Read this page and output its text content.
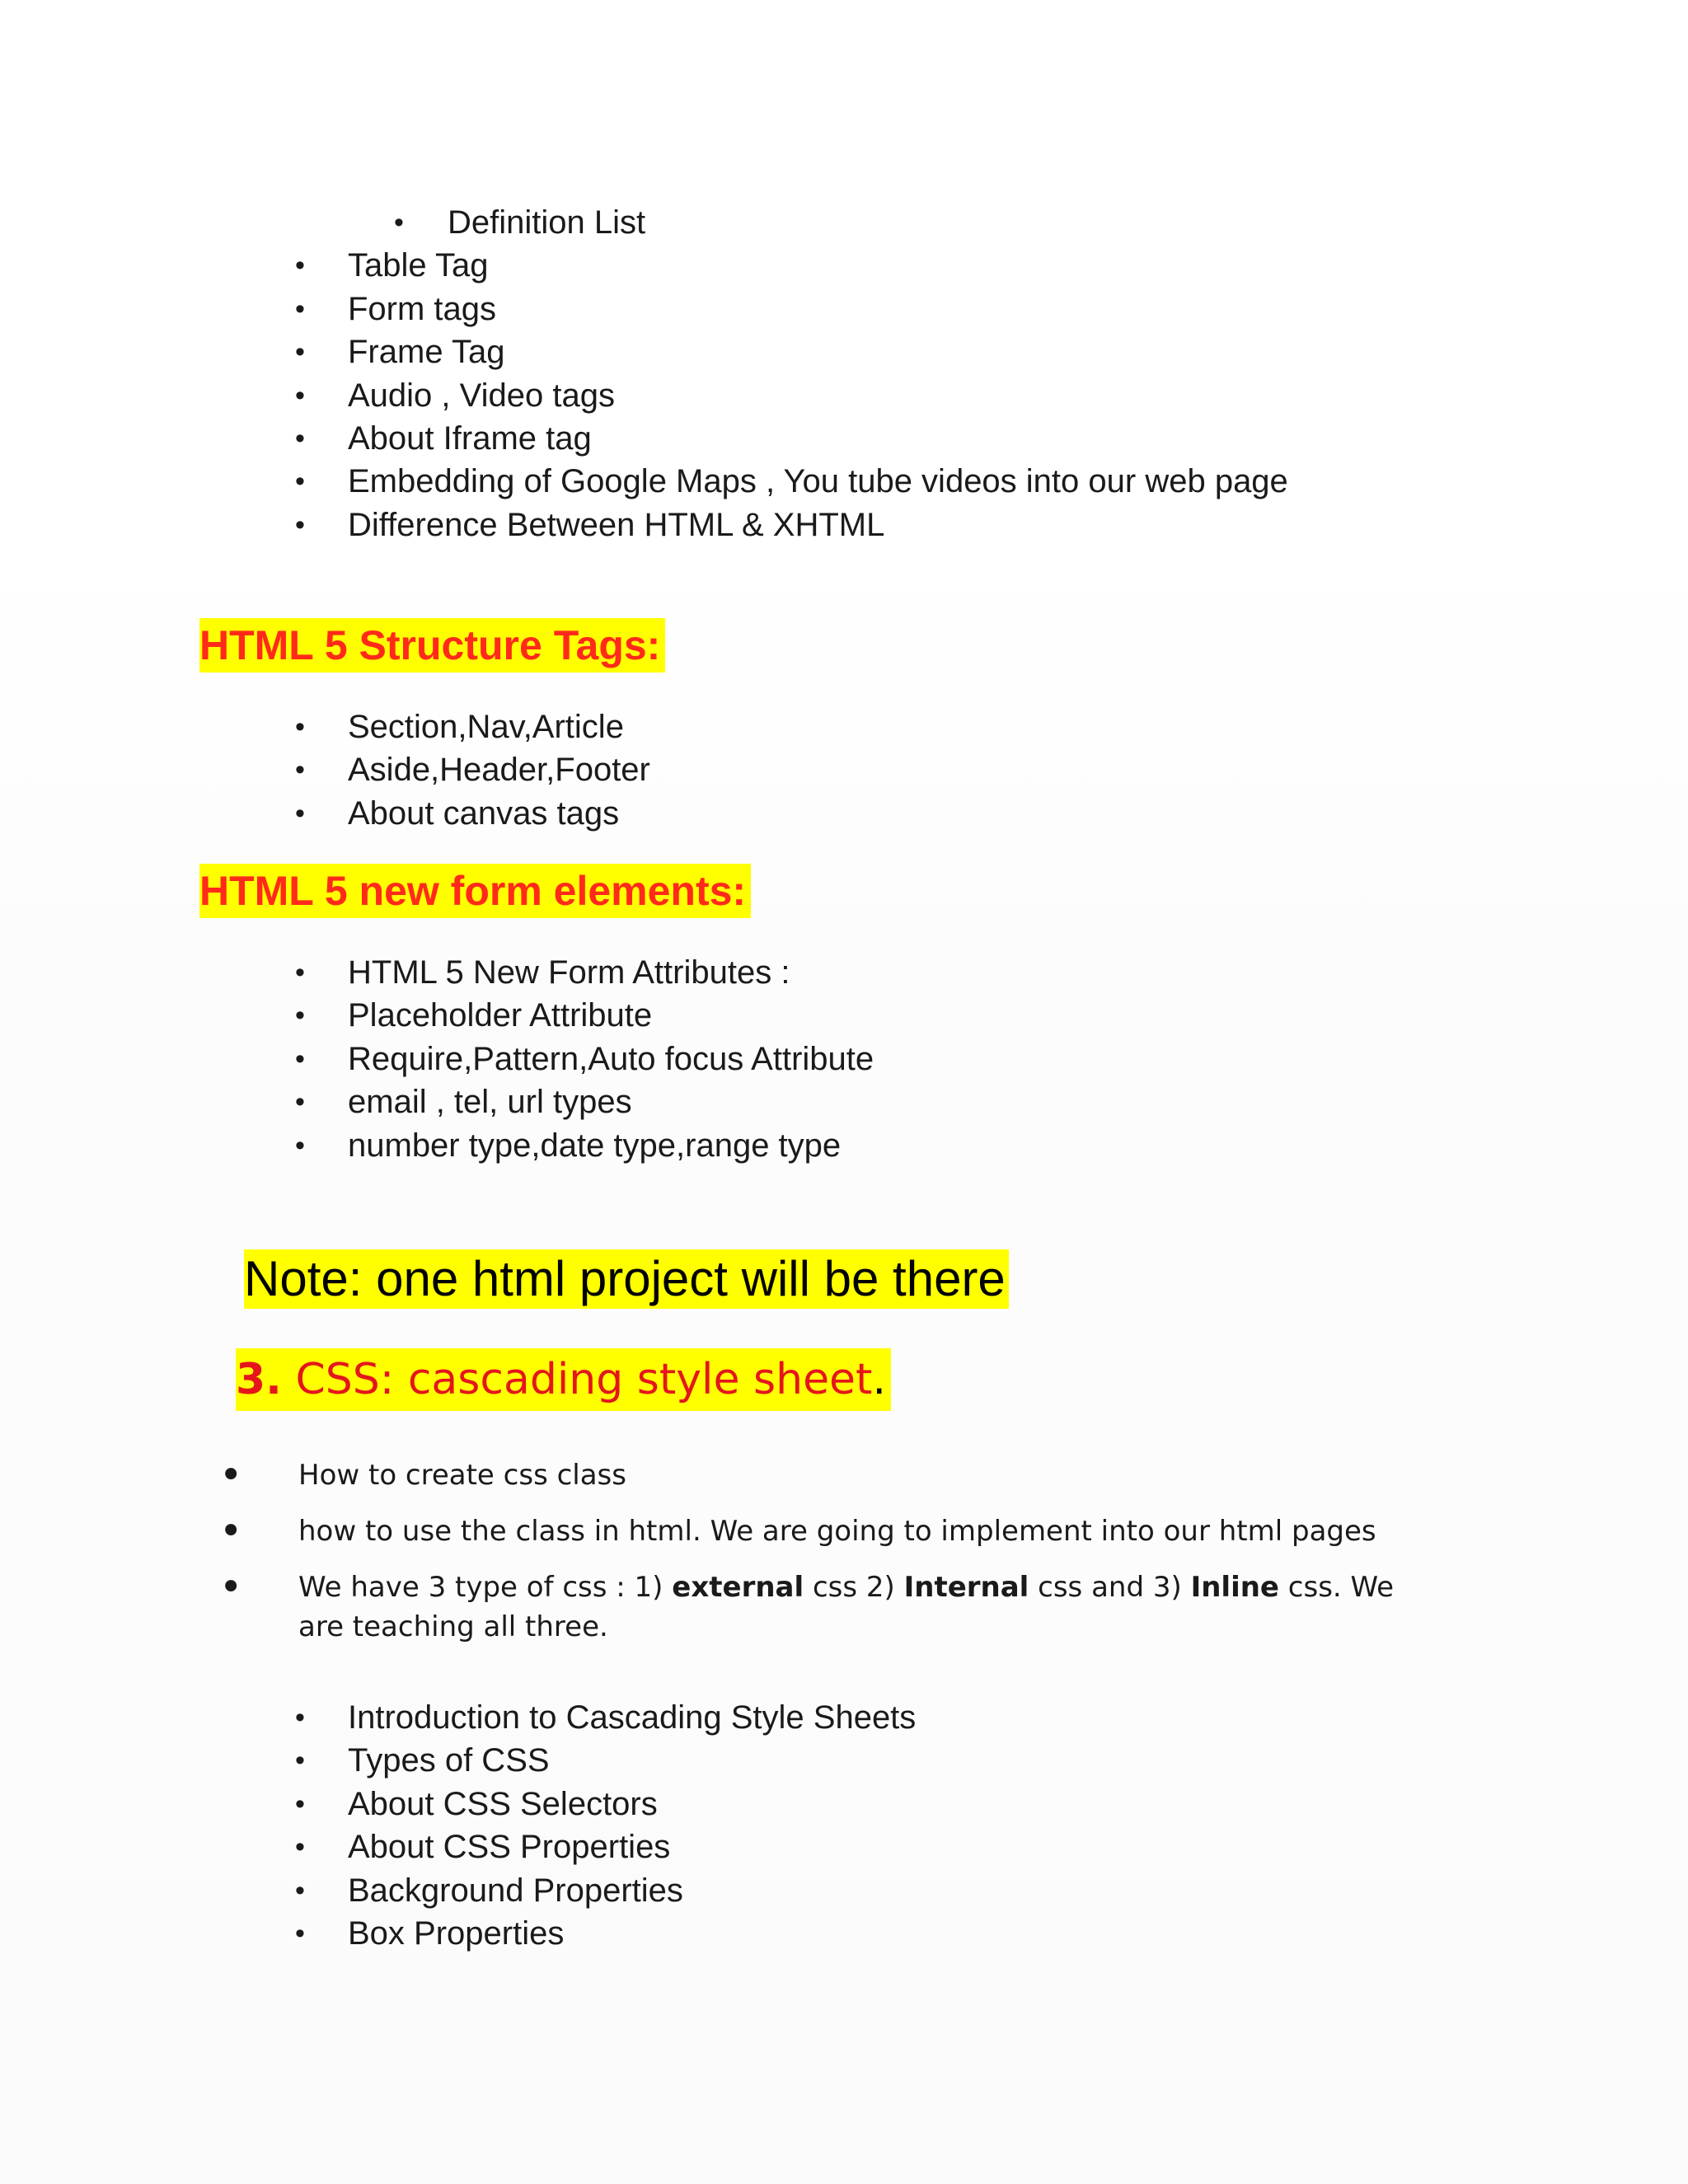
• Definition List
• Table Tag
• Form tags
• Frame Tag
• Audio , Video tags
• About Iframe tag
• Embedding of Google Maps , You tube videos into our web page
• Difference Between HTML & XHTML
HTML 5 Structure Tags:
• Section,Nav,Article
• Aside,Header,Footer
• About canvas tags
HTML 5 new form elements:
• HTML 5 New Form Attributes :
• Placeholder Attribute
• Require,Pattern,Auto focus Attribute
• email , tel, url types
• number type,date type,range type
Note: one html project will be there
3. CSS: cascading style sheet.
•	How to create css class
•	how to use the class in html. We are going to implement into our html pages
•	We have 3 type of css : 1) external css 2) Internal css and 3) Inline css. We are teaching all three.
• Introduction to Cascading Style Sheets
• Types of CSS
• About CSS Selectors
• About CSS Properties
• Background Properties
• Box Properties
